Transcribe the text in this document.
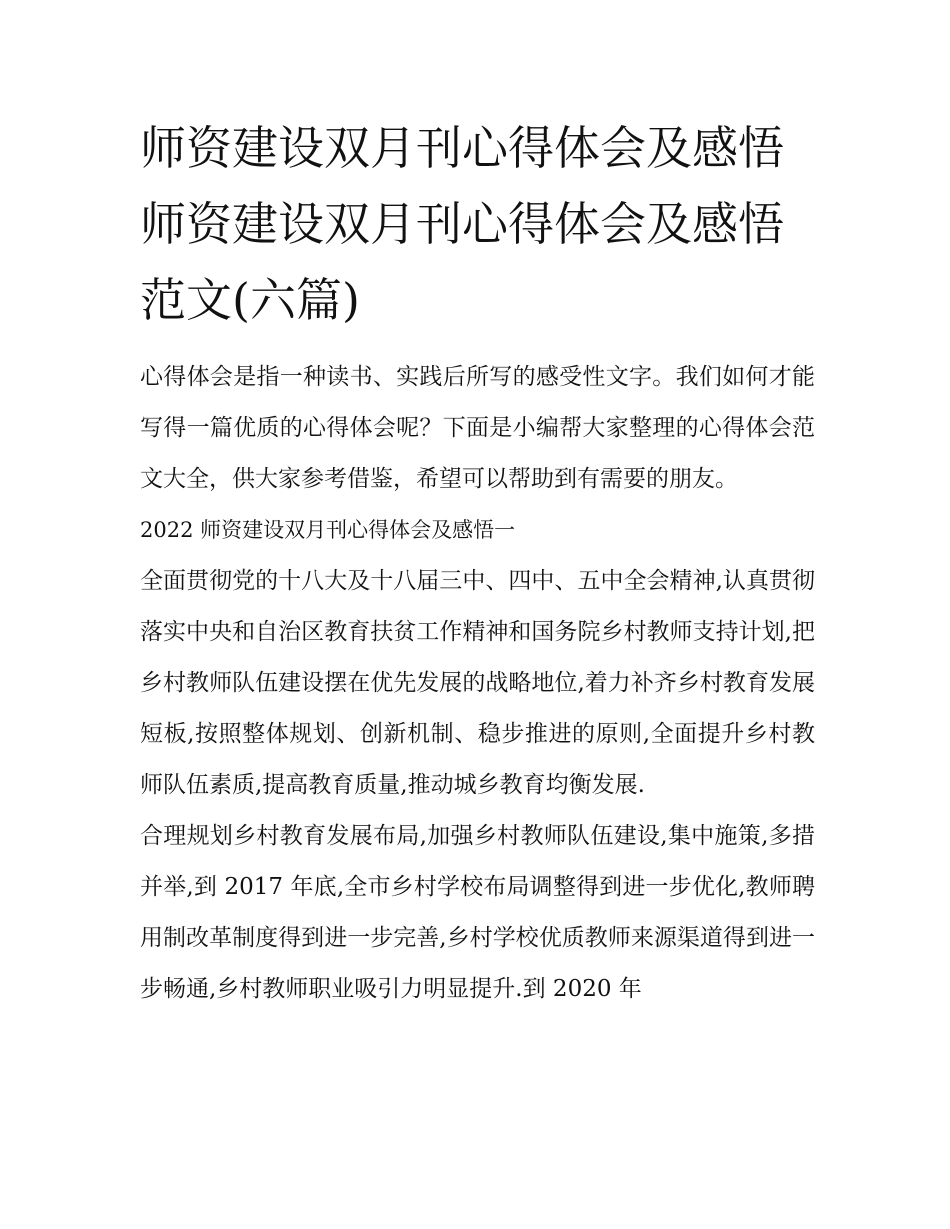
师资建设双月刊心得体会及感悟 师资建设双月刊心得体会及感悟范文(六篇)

心得体会是指一种读书、实践后所写的感受性文字。我们如何才能写得一篇优质的心得体会呢？下面是小编帮大家整理的心得体会范文大全，供大家参考借鉴，希望可以帮助到有需要的朋友。

2022 师资建设双月刊心得体会及感悟一

全面贯彻党的十八大及十八届三中、四中、五中全会精神,认真贯彻落实中央和自治区教育扶贫工作精神和国务院乡村教师支持计划,把乡村教师队伍建设摆在优先发展的战略地位,着力补齐乡村教育发展短板,按照整体规划、创新机制、稳步推进的原则,全面提升乡村教师队伍素质,提高教育质量,推动城乡教育均衡发展.

合理规划乡村教育发展布局,加强乡村教师队伍建设,集中施策,多措并举,到 2017 年底,全市乡村学校布局调整得到进一步优化,教师聘用制改革制度得到进一步完善,乡村学校优质教师来源渠道得到进一步畅通,乡村教师职业吸引力明显提升.到 2020 年
